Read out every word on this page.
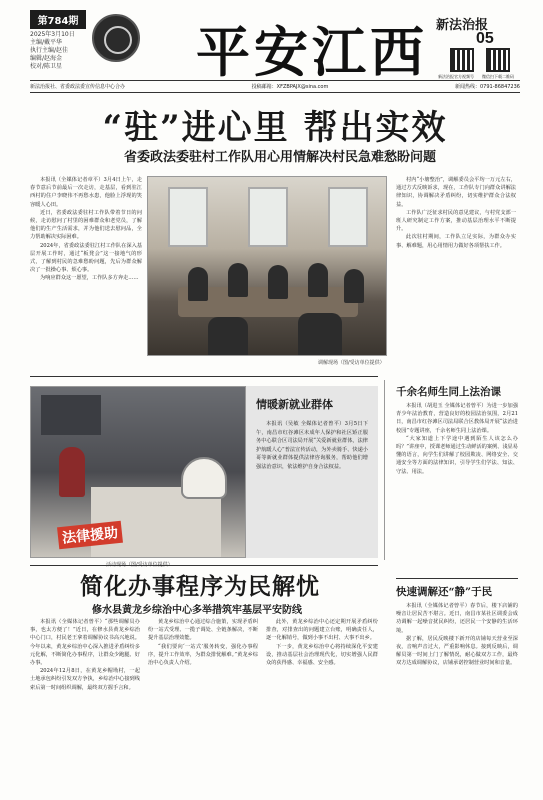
第784期
2025年3月10日
主编/戴平华
执行主编/赵佳
编辑/赵海金
校对/陈卫星	平安江西 新法治报
05
新法治报官方视频号 微信扫下载二维码
新法治报社、省委政法委宣传信息中心合办	投稿邮箱：XFZBPAJX@sina.com	新闻热线：0791-86847236
“驻”进心里 帮出实效
省委政法委驻村工作队用心用情解决村民急难愁盼问题

本报讯（全媒体记者章平）3月4日上午，走春节意后节前最后一次走访，走基层，看到驻江西村的住户李晓伟不再愁水患，他脸上浮现的笑容暖人心田。

近日，省委政法委驻村工作队带着节日的问候，走访慰问了村里的困难群众和老党员，了解他们的生产生活需求，并为他们送去慰问品，全力帮助解决实际困难。

2024年，省委政法委驻江村工作队在深入基层开展工作时，通过“板凳会”这一接地气的形式，了解到村民的急难愁盼问题，先后为群众解决了一批操心事、烦心事。

为响应群众这一愿望，工作队多方奔走……

调解现场（图/受访单位提供）

村内“小塘整治”，调解委员会平均一万元左右，通过方式反映诉求，现在，工作队专门向群众讲解法律知识，协调解决矛盾纠纷，切实维护群众合法权益。

工作队广泛征求村民的意见建议，与村党支部一班人研究制定工作方案，推动基层治理水平不断提升。

此次驻村期间，工作队立足实际，为群众办实事、解难题，用心用情用力做好各项帮扶工作。

法律援助
情暖新就业群体
本报讯（吴敏 全媒体记者曾平）3月5日下午，南昌市红谷滩区未成年人保护和社区矫正服务中心联合区司法局开展“关爱新就业群体，法律护航暖人心”普法宣传活动，为外卖骑手、快递小哥等新就业群体提供法律咨询服务，帮助他们增强法治意识，依法维护自身合法权益。
千余名师生同上法治课

本报讯（胡进玉 全媒体记者曾平）为进一步加强青少年法治教育，营造良好的校园法治氛围，2月21日，南昌市红谷滩区司法局联合区教体局开展“法治进校园”专题讲座，千余名师生同上法治课。

“大家知道上下学途中遇到陌生人该怎么办吗？”讲座中，授课老师通过生动鲜活的案例、浅显易懂的语言，向学生们讲解了校园欺凌、网络安全、交通安全等方面的法律知识，引导学生们学法、知法、守法、用法。

快速调解还“静”于民

本报讯（全媒体记者曾平）春节后，楼下店铺的噪音让居民苦不堪言。近日，南昌市某社区调委会成功调解一起噪音扰民纠纷，还居民一个安静的生活环境。

据了解，居民反映楼下新开的店铺每天营业至深夜，音响声音过大，严重影响休息。接到反映后，调解员第一时间上门了解情况，耐心做双方工作，最终双方达成调解协议，店铺承诺控制营业时间和音量。

简化办事程序为民解忧
修水县黄龙乡综治中心多举措筑牢基层平安防线

本报讯（全媒体记者曾平）“那些调解员办事，也太方便了！”近日，在修水县黄龙乡综治中心门口，村民老王拿着调解协议书高兴地说。今年以来，黄龙乡综治中心深入推进矛盾纠纷多元化解，不断简化办事程序，让群众少跑腿、好办事。

2024年12月8日，在黄龙乡帽坳村，一起土地承包纠纷引发双方争执，乡综治中心接到线索后第一时间组织调解，最终双方握手言和。

黄龙乡综治中心通过综合施策，实现矛盾纠纷一站式受理、一揽子调处、全链条解决，不断提升基层治理效能。

“我们要向‘一站式’服务转变，强化办事程序，提升工作效率，为群众排忧解难。”黄龙乡综治中心负责人介绍。

此外，黄龙乡综治中心还定期开展矛盾纠纷排查，对排查出的问题建立台账，明确责任人，逐一化解销号，做到小事不出村、大事不出乡。

下一步，黄龙乡综治中心将持续深化平安建设，推动基层社会治理现代化，切实增强人民群众的获得感、幸福感、安全感。
